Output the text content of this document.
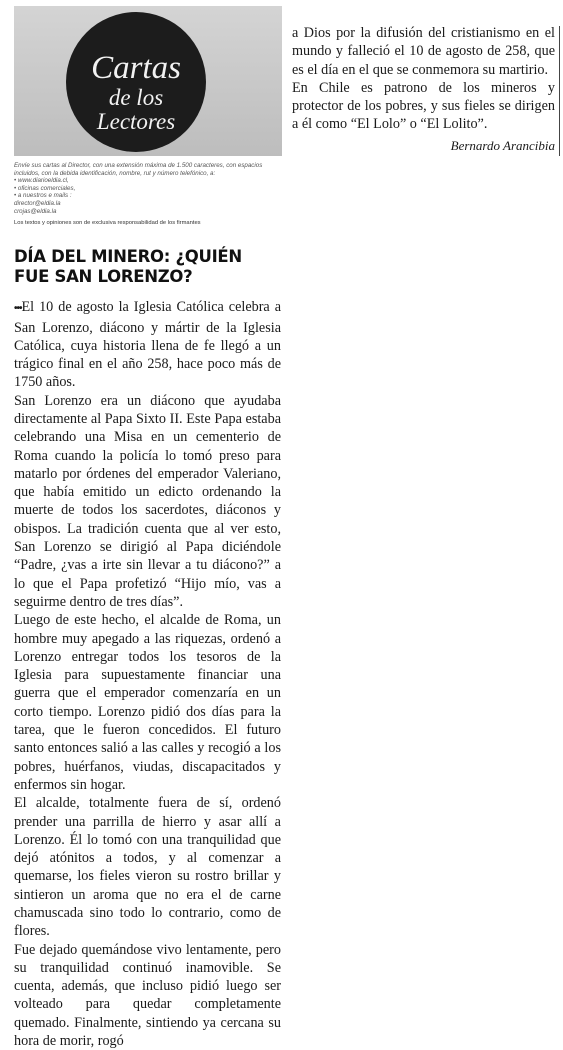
Cartas
de los
Lectores
Envíe sus cartas al Director, con una extensión máxima de 1.500 caracteres, con espacios incluidos, con la debida identificación, nombre, rut y número telefónico, a:
• www.diarioeldia.cl,
• oficinas comerciales,
• a nuestros e mails :
director@eldia.la
crojas@eldia.la
Los textos y opiniones son de exclusiva responsabilidad de los firmantes
DÍA DEL MINERO: ¿QUIÉN FUE SAN LORENZO?

•••El 10 de agosto la Iglesia Católica celebra a San Lorenzo, diácono y mártir de la Iglesia Católica, cuya historia llena de fe llegó a un trágico final en el año 258, hace poco más de 1750 años.

San Lorenzo era un diácono que ayudaba directamente al Papa Sixto II. Este Papa estaba celebrando una Misa en un cementerio de Roma cuando la policía lo tomó preso para matarlo por órdenes del emperador Valeriano, que había emitido un edicto ordenando la muerte de todos los sacerdotes, diáconos y obispos. La tradición cuenta que al ver esto, San Lorenzo se dirigió al Papa diciéndole “Padre, ¿vas a irte sin llevar a tu diácono?” a lo que el Papa profetizó “Hijo mío, vas a seguirme dentro de tres días”.

Luego de este hecho, el alcalde de Roma, un hombre muy apegado a las riquezas, ordenó a Lorenzo entregar todos los tesoros de la Iglesia para supuestamente financiar una guerra que el emperador comenzaría en un corto tiempo. Lorenzo pidió dos días para la tarea, que le fueron concedidos. El futuro santo entonces salió a las calles y recogió a los pobres, huérfanos, viudas, discapacitados y enfermos sin hogar.

El alcalde, totalmente fuera de sí, ordenó prender una parrilla de hierro y asar allí a Lorenzo. Él lo tomó con una tranquilidad que dejó atónitos a todos, y al comenzar a quemarse, los fieles vieron su rostro brillar y sintieron un aroma que no era el de carne chamuscada sino todo lo contrario, como de flores.

Fue dejado quemándose vivo lentamente, pero su tranquilidad continuó inamovible. Se cuenta, además, que incluso pidió luego ser volteado para quedar completamente quemado. Finalmente, sintiendo ya cercana su hora de morir, rogó

a Dios por la difusión del cristianismo en el mundo y falleció el 10 de agosto de 258, que es el día en el que se conmemora su martirio.

En Chile es patrono de los mineros y protector de los pobres, y sus fieles se dirigen a él como “El Lolo” o “El Lolito”.

Bernardo Arancibia
